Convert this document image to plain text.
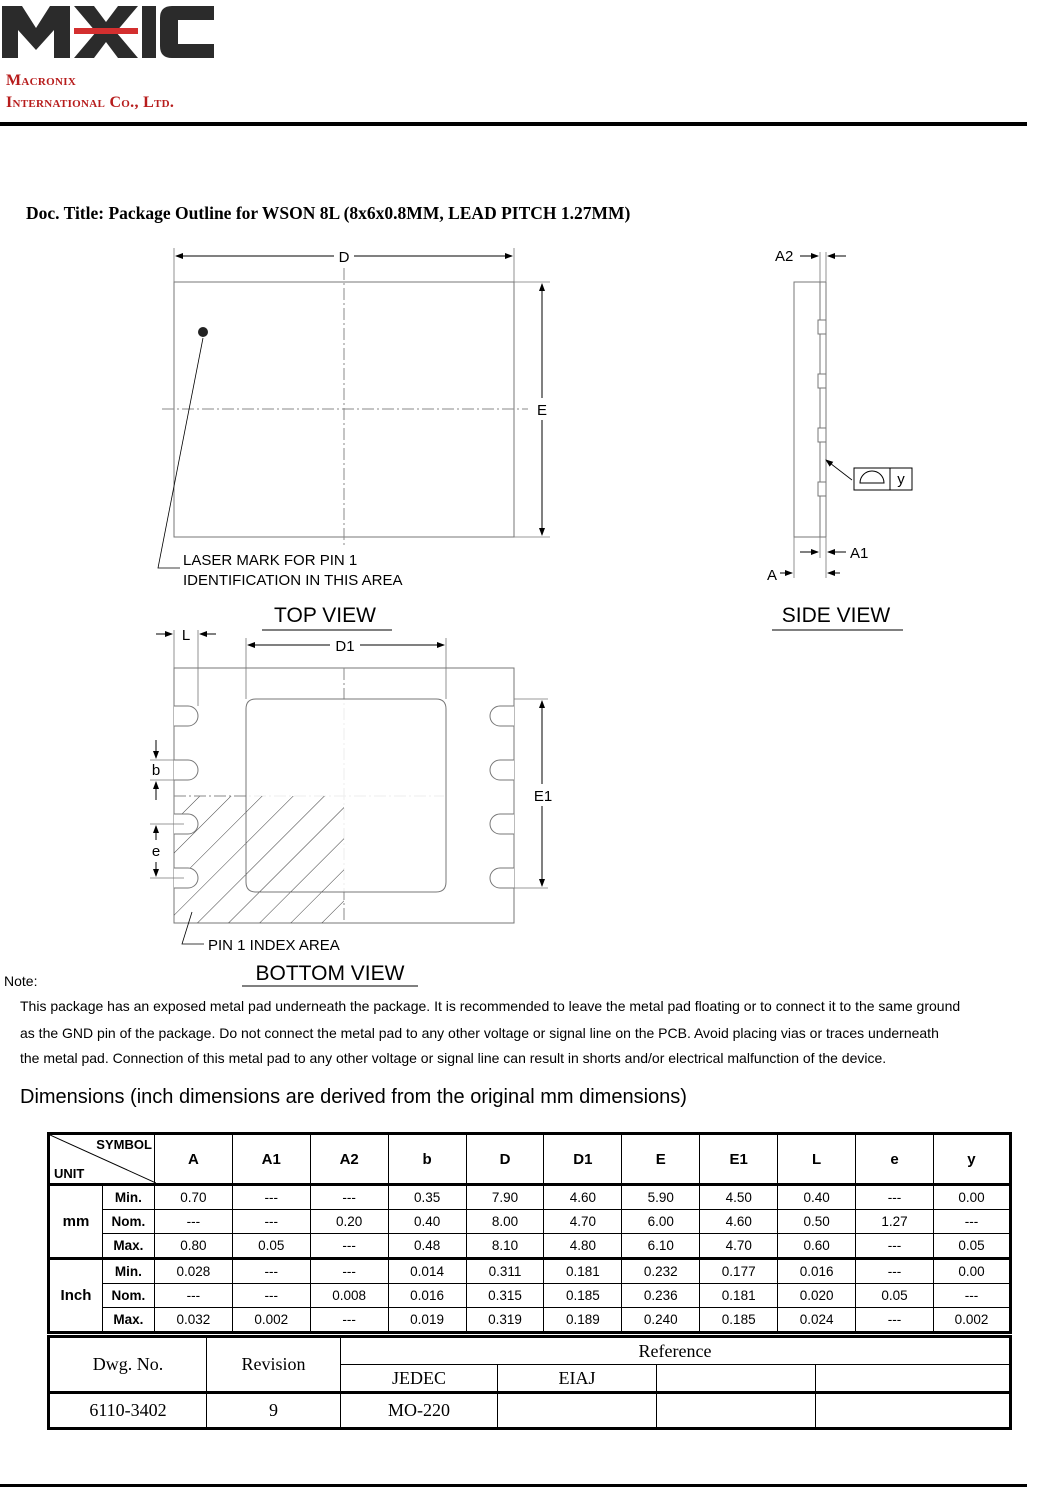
Macronix
International Co., Ltd.
Doc. Title: Package Outline for WSON 8L (8x6x0.8MM, LEAD PITCH 1.27MM)
D
E
LASER MARK FOR PIN 1
IDENTIFICATION IN THIS AREA
TOP VIEW
A2
y
A1
A
SIDE VIEW
L
D1
E1
b
e
PIN 1 INDEX AREA
BOTTOM VIEW
Note:
This package has an exposed metal pad underneath the package. It is recommended to leave the metal pad floating or to connect it to the same ground
as the GND pin of the package. Do not connect the metal pad to any other voltage or signal line on the PCB. Avoid placing vias or traces underneath
the metal pad. Connection of this metal pad to any other voltage or signal line can result in shorts and/or electrical malfunction of the device.
Dimensions (inch dimensions are derived from the original mm dimensions)
SYMBOL
UNIT		A	A1	A2	b	D	D1	E	E1	L	e	y
mm	Min.	0.70	---	---	0.35	7.90	4.60	5.90	4.50	0.40	---	0.00
	Nom.	---	---	0.20	0.40	8.00	4.70	6.00	4.60	0.50	1.27	---
	Max.	0.80	0.05	---	0.48	8.10	4.80	6.10	4.70	0.60	---	0.05
Inch	Min.	0.028	---	---	0.014	0.311	0.181	0.232	0.177	0.016	---	0.00
	Nom.	---	---	0.008	0.016	0.315	0.185	0.236	0.181	0.020	0.05	---
	Max.	0.032	0.002	---	0.019	0.319	0.189	0.240	0.185	0.024	---	0.002
Dwg. No.	Revision	Reference			
		JEDEC	EIAJ		
6110-3402	9	MO-220			
